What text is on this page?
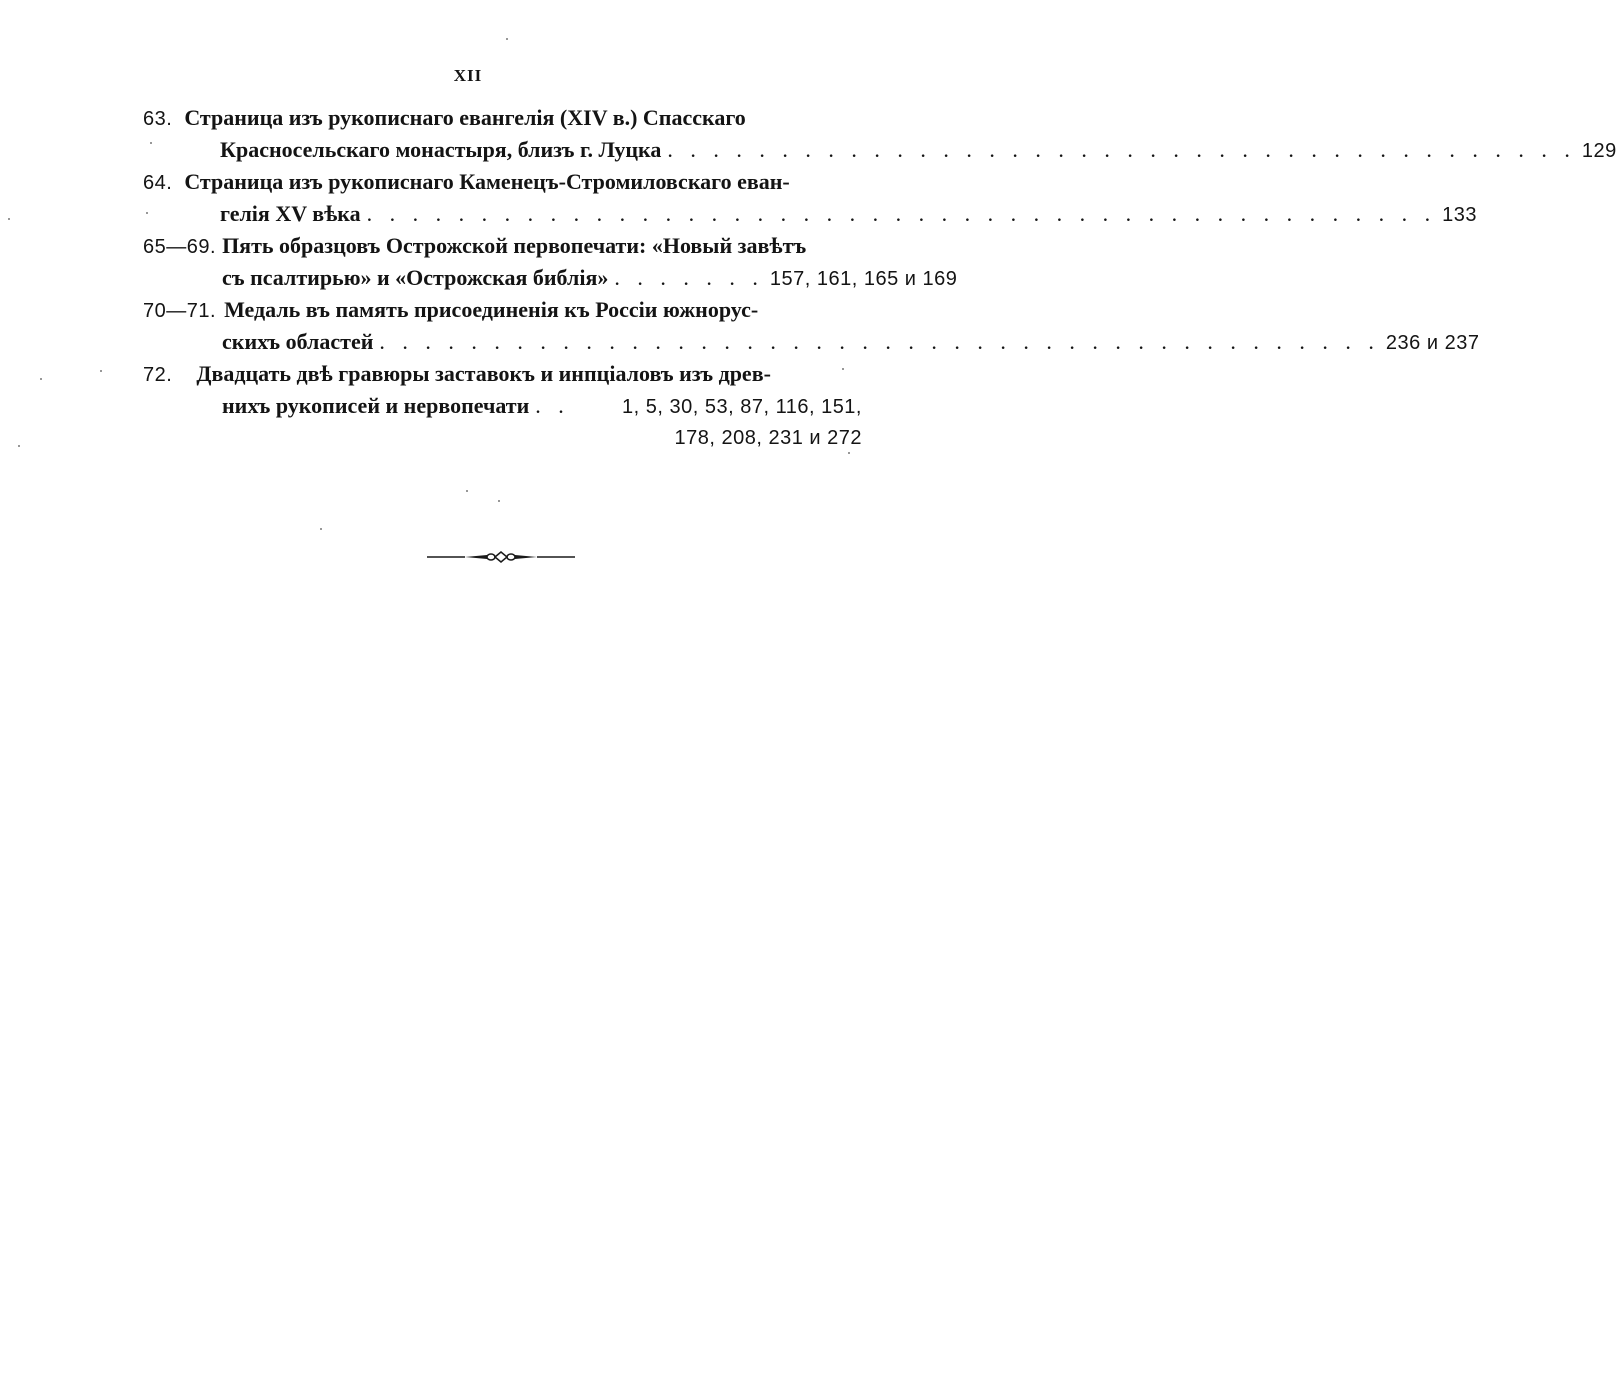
XII
63. Страница изъ рукописнаго евангелія (XIV в.) Спасскаго
Красносельскаго монастыря, близъ г. Луцка . . . . . . . . . . . . . . . . . . . . . . . . . . . . . . . . . . . . . . . . 129
64. Страница изъ рукописнаго Каменецъ-Стромиловскаго еван-
гелія XV вѣка . . . . . . . . . . . . . . . . . . . . . . . . . . . . . . . . . . . . . . . . . . . . . . . 133
65—69. Пять образцовъ Острожской первопечати: «Новый завѣтъ
съ псалтирью» и «Острожская библія» . . . . . . . 157, 161, 165 и 169
70—71. Медаль въ память присоединенія къ Россіи южнорус-
скихъ областей . . . . . . . . . . . . . . . . . . . . . . . . . . . . . . . . . . . . . . . . . . . . 236 и 237
72. Двадцать двѣ гравюры заставокъ и инпціаловъ изъ древ-
нихъ рукописей и нервопечати . .	1, 5, 30, 53, 87, 116, 151,
178, 208, 231 и 272
